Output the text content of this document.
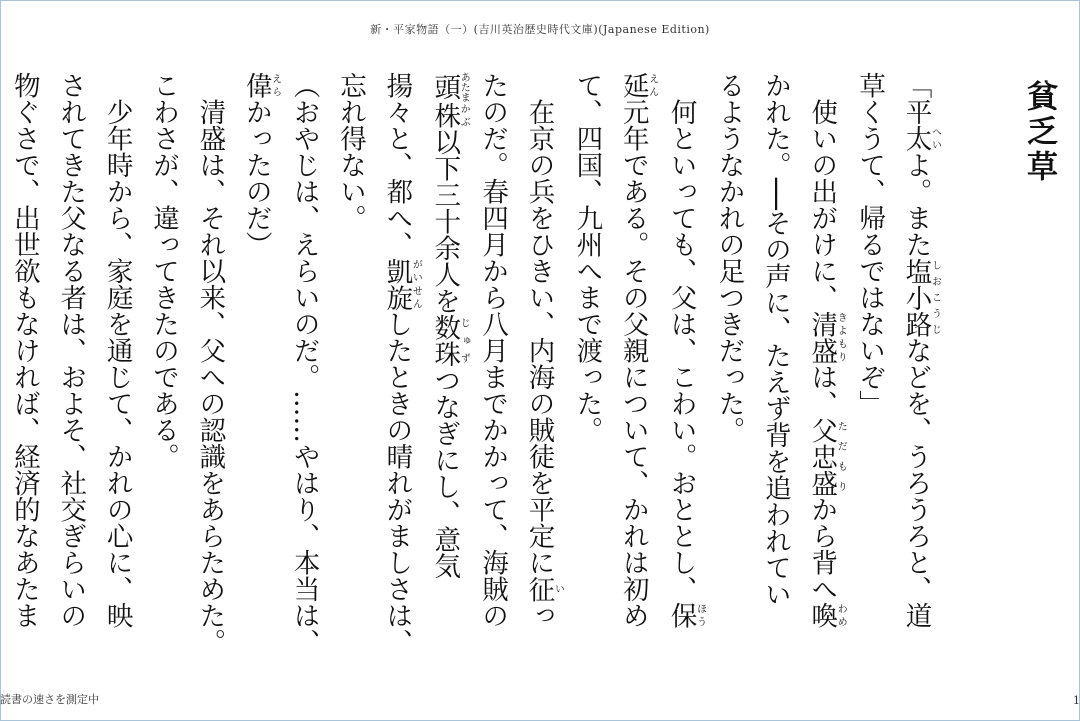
新・平家物語（一）(吉川英治歴史時代文庫)(Japanese Edition)
貧乏草

「平太へいよ。また塩小路しおこうじなどを、うろうろと、道

草くうて、帰るではないぞ」

　使いの出がけに、清盛きよもりは、父忠盛ただもりから背へ喚わめ

かれた。──その声に、たえず背を追われてい

るようなかれの足つきだった。

　何といっても、父は、こわい。おととし、保ほう

延えん元年である。その父親について、かれは初め

て、四国、九州へまで渡った。

　在京の兵をひきい、内海の賊徒を平定に征いっ

たのだ。春四月から八月までかかって、海賊の

頭あたま株かぶ以下三十余人を数珠じゅずつなぎにし、意気

揚々と、都へ、凱旋がいせんしたときの晴れがましさは、

忘れ得ない。

（おやじは、えらいのだ。……やはり、本当は、

偉えらかったのだ）

　清盛は、それ以来、父への認識をあらためた。

こわさが、違ってきたのである。

　少年時から、家庭を通じて、かれの心に、映

されてきた父なる者は、およそ、社交ぎらいの

物ぐさで、出世欲もなければ、経済的なあたま

読書の速さを測定中	1
